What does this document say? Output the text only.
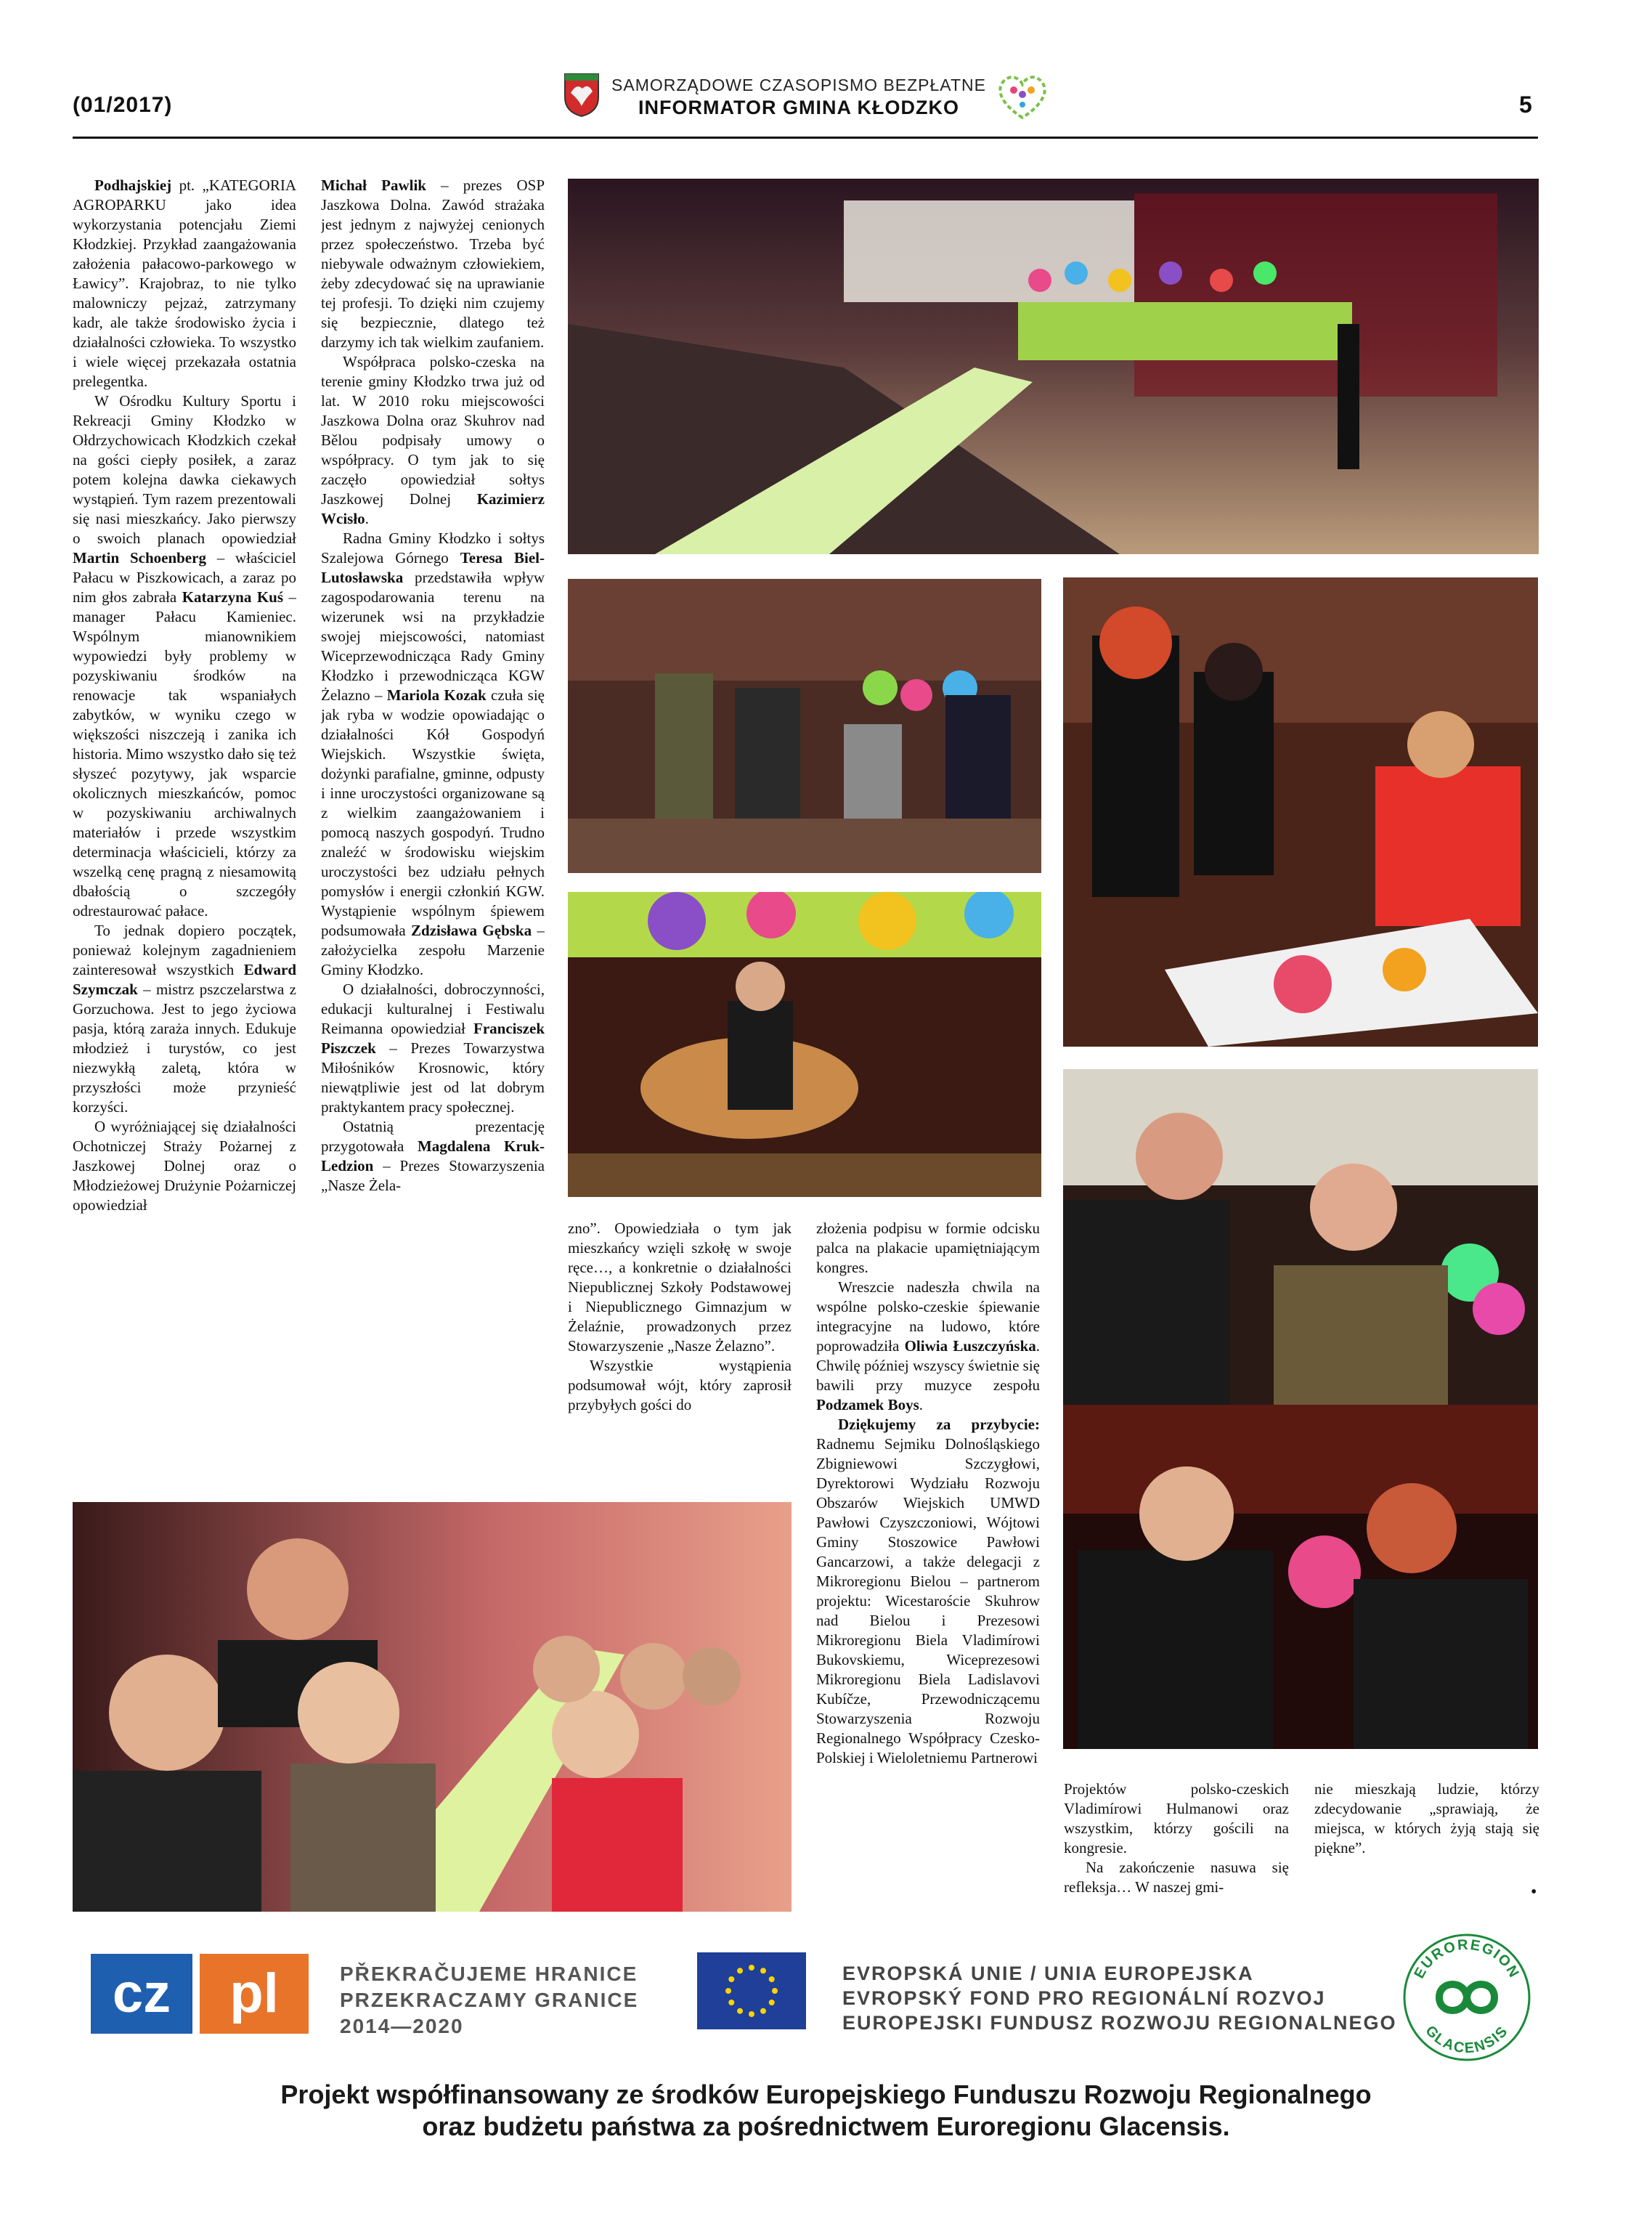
(01/2017)
SAMORZĄDOWE CZASOPISMO BEZPŁATNE
INFORMATOR GMINA KŁODZKO	5

Podhajskiej pt. „KATEGORIA AGROPARKU jako idea wykorzystania potencjału Ziemi Kłodzkiej. Przykład zaangażowania założenia pałacowo-parkowego w Ławicy”. Krajobraz, to nie tylko malowniczy pejzaż, zatrzymany kadr, ale także środowisko życia i działalności człowieka. To wszystko i wiele więcej przekazała ostatnia prelegentka.

W Ośrodku Kultury Sportu i Rekreacji Gminy Kłodzko w Ołdrzychowicach Kłodzkich czekał na gości ciepły posiłek, a zaraz potem kolejna dawka ciekawych wystąpień. Tym razem prezentowali się nasi mieszkańcy. Jako pierwszy o swoich planach opowiedział Martin Schoenberg – właściciel Pałacu w Piszkowicach, a zaraz po nim głos zabrała Katarzyna Kuś – manager Pałacu Kamieniec. Wspólnym mianownikiem wypowiedzi były problemy w pozyskiwaniu środków na renowacje tak wspaniałych zabytków, w wyniku czego w większości niszczeją i zanika ich historia. Mimo wszystko dało się też słyszeć pozytywy, jak wsparcie okolicznych mieszkańców, pomoc w pozyskiwaniu archiwalnych materiałów i przede wszystkim determinacja właścicieli, którzy za wszelką cenę pragną z niesamowitą dbałością o szczegóły odrestaurować pałace.

To jednak dopiero początek, ponieważ kolejnym zagadnieniem zainteresował wszystkich Edward Szymczak – mistrz pszczelarstwa z Gorzuchowa. Jest to jego życiowa pasja, którą zaraża innych. Edukuje młodzież i turystów, co jest niezwykłą zaletą, która w przyszłości może przynieść korzyści.

O wyróżniającej się działalności Ochotniczej Straży Pożarnej z Jaszkowej Dolnej oraz o Młodzieżowej Drużynie Pożarniczej opowiedział

Michał Pawlik – prezes OSP Jaszkowa Dolna. Zawód strażaka jest jednym z najwyżej cenionych przez społeczeństwo. Trzeba być niebywale odważnym człowiekiem, żeby zdecydować się na uprawianie tej profesji. To dzięki nim czujemy się bezpiecznie, dlatego też darzymy ich tak wielkim zaufaniem.

Współpraca polsko-czeska na terenie gminy Kłodzko trwa już od lat. W 2010 roku miejscowości Jaszkowa Dolna oraz Skuhrov nad Bělou podpisały umowy o współpracy. O tym jak to się zaczęło opowiedział sołtys Jaszkowej Dolnej Kazimierz Wcisło.

Radna Gminy Kłodzko i sołtys Szalejowa Górnego Teresa Biel-Lutosławska przedstawiła wpływ zagospodarowania terenu na wizerunek wsi na przykładzie swojej miejscowości, natomiast Wiceprzewodnicząca Rady Gminy Kłodzko i przewodnicząca KGW Żelazno – Mariola Kozak czuła się jak ryba w wodzie opowiadając o działalności Kół Gospodyń Wiejskich. Wszystkie święta, dożynki parafialne, gminne, odpusty i inne uroczystości organizowane są z wielkim zaangażowaniem i pomocą naszych gospodyń. Trudno znaleźć w środowisku wiejskim uroczystości bez udziału pełnych pomysłów i energii członkiń KGW. Wystąpienie wspólnym śpiewem podsumowała Zdzisława Gębska – założycielka zespołu Marzenie Gminy Kłodzko.

O działalności, dobroczynności, edukacji kulturalnej i Festiwalu Reimanna opowiedział Franciszek Piszczek – Prezes Towarzystwa Miłośników Krosnowic, który niewątpliwie jest od lat dobrym praktykantem pracy społecznej.

Ostatnią prezentację przygotowała Magdalena Kruk-Ledzion – Prezes Stowarzyszenia „Nasze Żela-

zno”. Opowiedziała o tym jak mieszkańcy wzięli szkołę w swoje ręce…, a konkretnie o działalności Niepublicznej Szkoły Podstawowej i Niepublicznego Gimnazjum w Żelaźnie, prowadzonych przez Stowarzyszenie „Nasze Żelazno”.

Wszystkie wystąpienia podsumował wójt, który zaprosił przybyłych gości do

złożenia podpisu w formie odcisku palca na plakacie upamiętniającym kongres.

Wreszcie nadeszła chwila na wspólne polsko-czeskie śpiewanie integracyjne na ludowo, które poprowadziła Oliwia Łuszczyńska. Chwilę później wszyscy świetnie się bawili przy muzyce zespołu Podzamek Boys.

Dziękujemy za przybycie: Radnemu Sejmiku Dolnośląskiego Zbigniewowi Szczygłowi, Dyrektorowi Wydziału Rozwoju Obszarów Wiejskich UMWD Pawłowi Czyszczoniowi, Wójtowi Gminy Stoszowice Pawłowi Gancarzowi, a także delegacji z Mikroregionu Bielou – partnerom projektu: Wicestaroście Skuhrow nad Bielou i Prezesowi Mikroregionu Biela Vladimírowi Bukovskiemu, Wiceprezesowi Mikroregionu Biela Ladislavovi Kubíčze, Przewodniczącemu Stowarzyszenia Rozwoju Regionalnego Współpracy Czesko-Polskiej i Wieloletniemu Partnerowi

Projektów polsko-czeskich Vladimírowi Hulmanowi oraz wszystkim, którzy gościli na kongresie.

Na zakończenie nasuwa się refleksja… W naszej gmi-

nie mieszkają ludzie, którzy zdecydowanie „sprawiają, że miejsca, w których żyją stają się piękne”.

•
cz pl	PŘEKRAČUJEME HRANICE
PRZEKRACZAMY GRANICE
2014—2020
EVROPSKÁ UNIE / UNIA EUROPEJSKA
EVROPSKÝ FOND PRO REGIONÁLNÍ ROZVOJ
EUROPEJSKI FUNDUSZ ROZWOJU REGIONALNEGO
EUROREGION
GLACENSIS
Projekt współfinansowany ze środków Europejskiego Funduszu Rozwoju Regionalnego
oraz budżetu państwa za pośrednictwem Euroregionu Glacensis.
